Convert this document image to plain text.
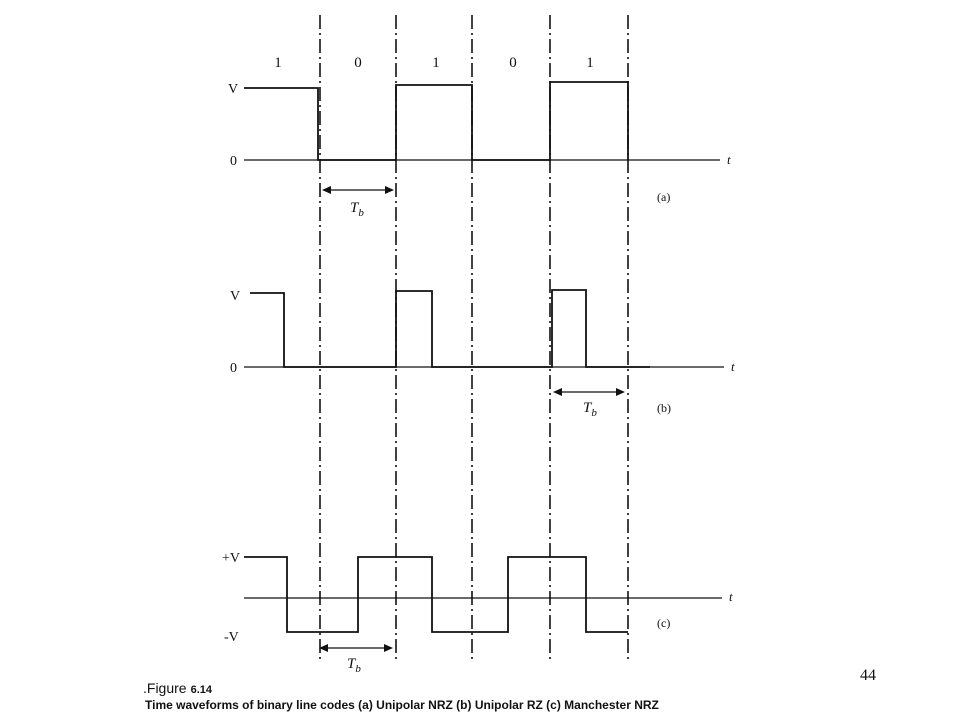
1	0	1	0	1
V
0	t
$T_b$
(a)
V
0	t
$T_b$	(b)
+V
-V
t
$T_b$
(c)
.Figure 6.14
Time waveforms of binary line codes (a) Unipolar NRZ (b) Unipolar RZ (c) Manchester NRZ
44
